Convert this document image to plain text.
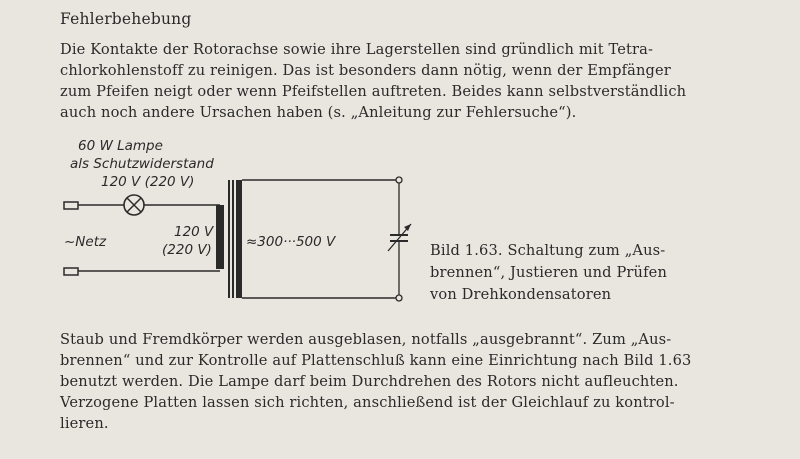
Fehlerbehebung
Die Kontakte der Rotorachse sowie ihre Lagerstellen sind gründlich mit Tetra-
chlorkohlenstoff zu reinigen. Das ist besonders dann nötig, wenn der Empfänger
zum Pfeifen neigt oder wenn Pfeifstellen auftreten. Beides kann selbstverständlich
auch noch andere Ursachen haben (s. „Anleitung zur Fehlersuche“).
60 W Lampe
als Schutzwiderstand
120 V (220 V)
~Netz
120 V
(220 V)	≈300···500 V	Bild 1.63. Schaltung zum „Aus-
brennen“, Justieren und Prüfen
von Drehkondensatoren
Staub und Fremdkörper werden ausgeblasen, notfalls „ausgebrannt“. Zum „Aus-
brennen“ und zur Kontrolle auf Plattenschluß kann eine Einrichtung nach Bild 1.63
benutzt werden. Die Lampe darf beim Durchdrehen des Rotors nicht aufleuchten.
Verzogene Platten lassen sich richten, anschließend ist der Gleichlauf zu kontrol-
lieren.
